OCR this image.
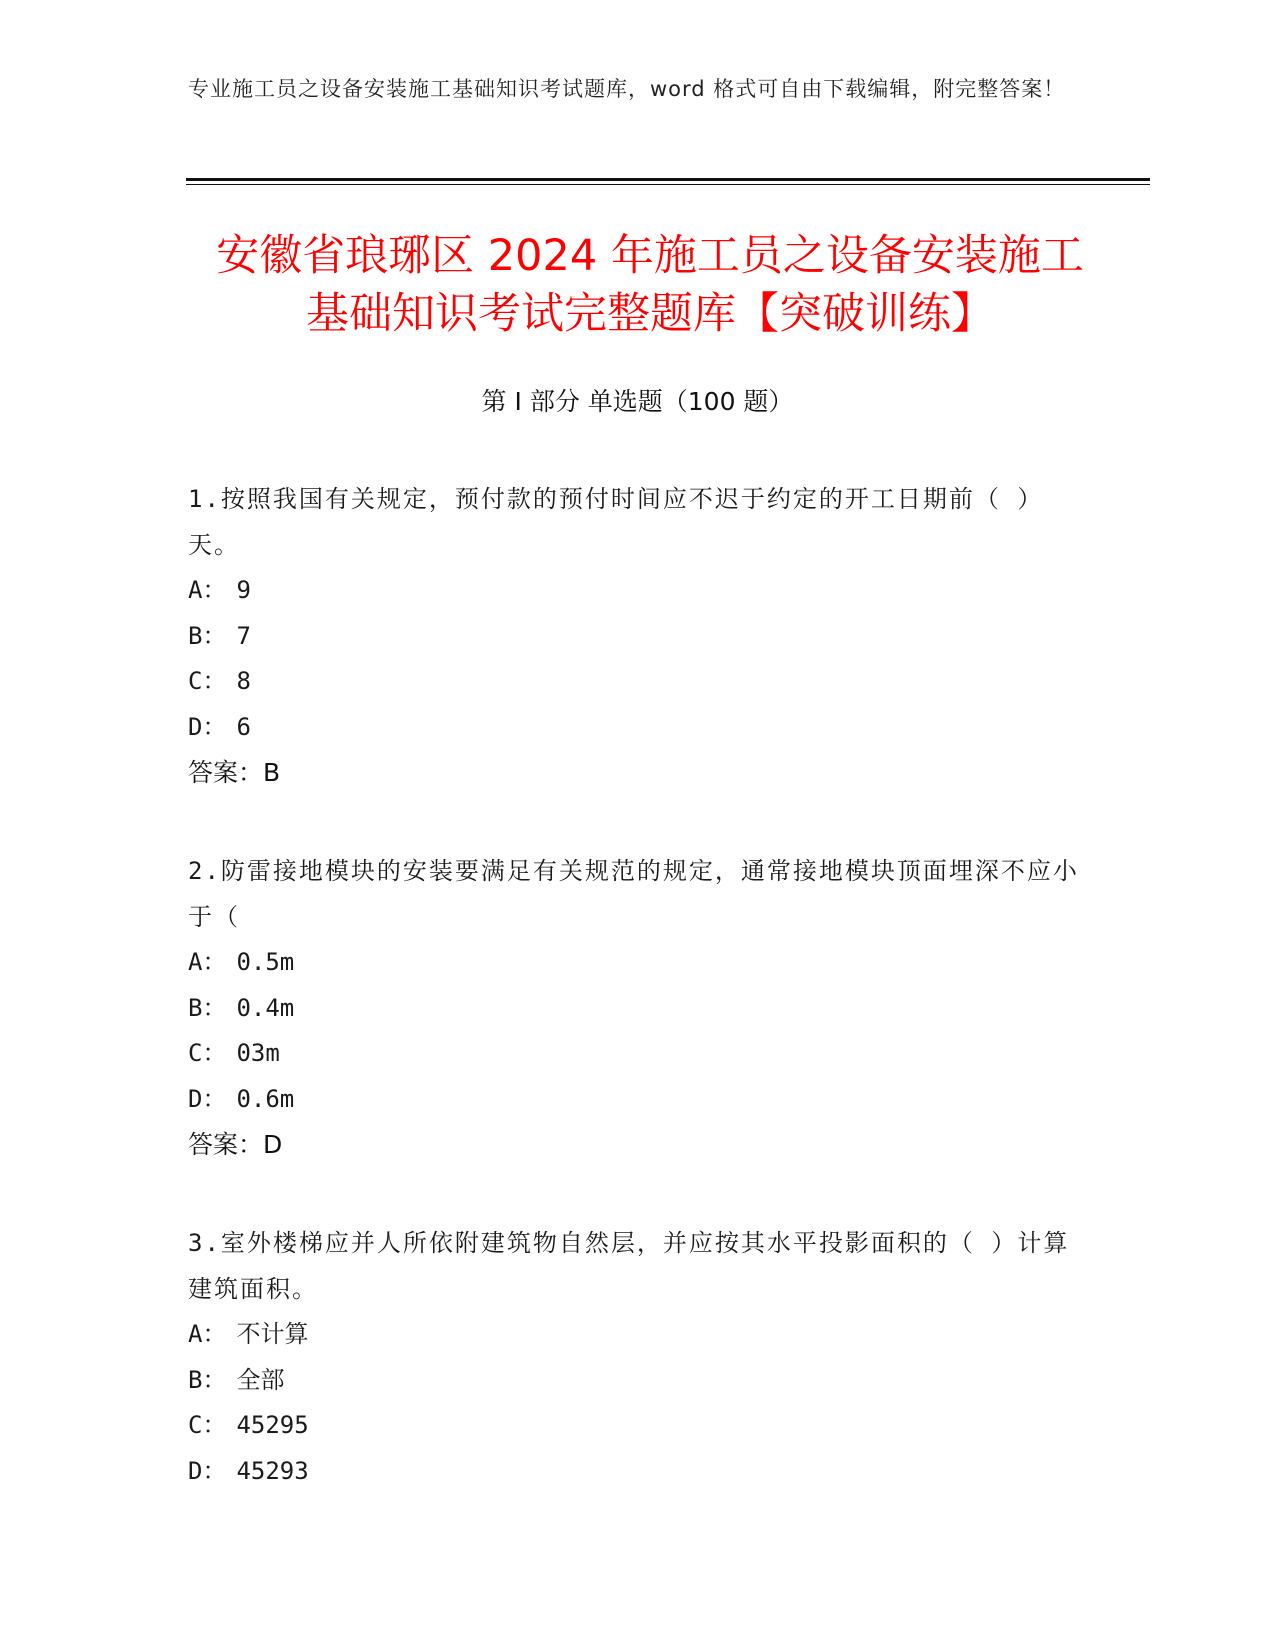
专业施工员之设备安装施工基础知识考试题库，word 格式可自由下载编辑，附完整答案！
安徽省琅琊区 2024 年施工员之设备安装施工
基础知识考试完整题库【突破训练】
第 I 部分 单选题（100 题）

1.按照我国有关规定，预付款的预付时间应不迟于约定的开工日期前（ ）天。

A： 9

B： 7

C： 8

D： 6

答案：B

2.防雷接地模块的安装要满足有关规范的规定，通常接地模块顶面埋深不应小于（

A： 0.5m

B： 0.4m

C： 03m

D： 0.6m

答案：D

3.室外楼梯应并人所依附建筑物自然层，并应按其水平投影面积的（ ）计算建筑面积。

A： 不计算

B： 全部

C： 45295

D： 45293
